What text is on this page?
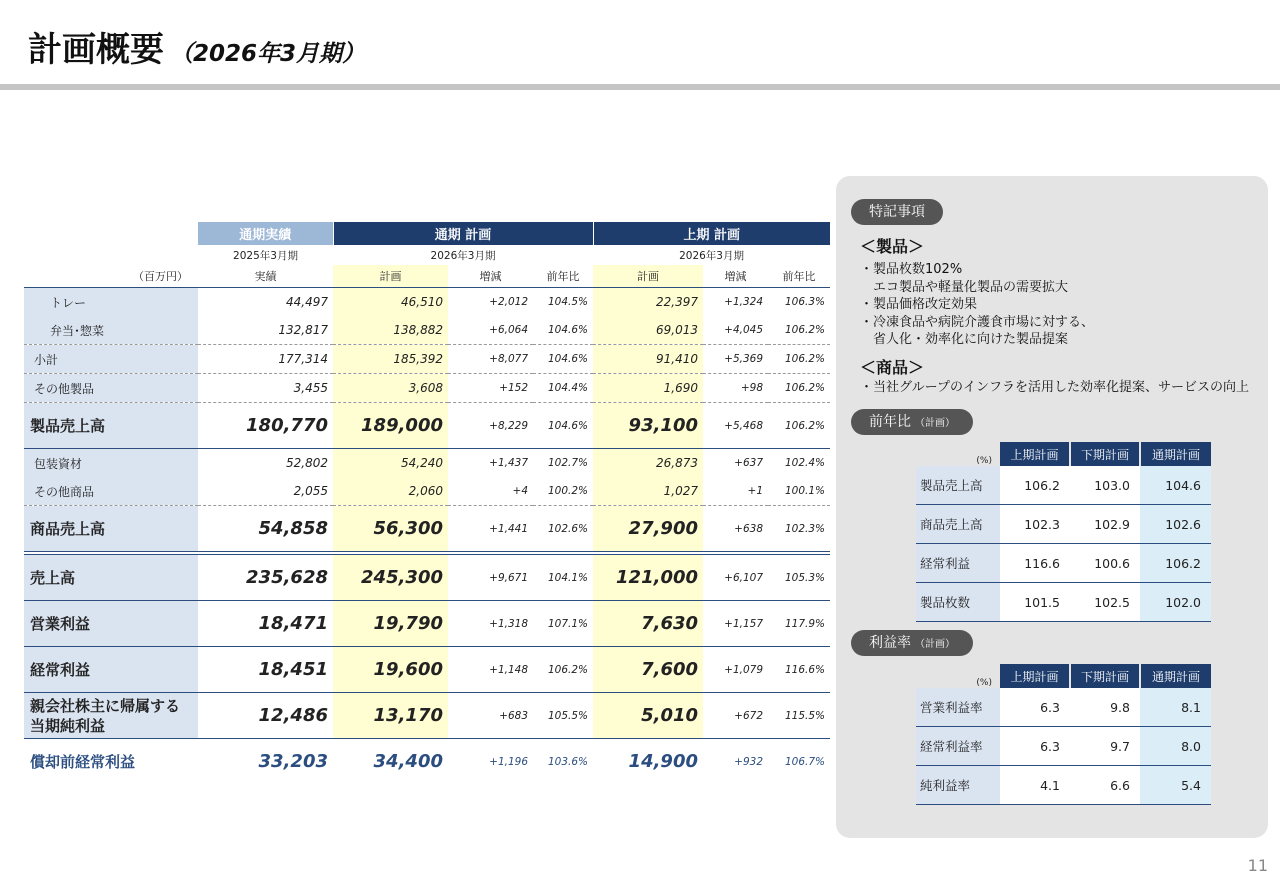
計画概要 （2026年3月期）
	通期実績	通期 計画			上期 計画		
	2025年3月期	2026年3月期			2026年3月期		
（百万円）	実績	計画	増減	前年比	計画	増減	前年比
トレー	44,497	46,510	+2,012	104.5%	22,397	+1,324	106.3%
弁当･惣菜	132,817	138,882	+6,064	104.6%	69,013	+4,045	106.2%
小計	177,314	185,392	+8,077	104.6%	91,410	+5,369	106.2%
その他製品	3,455	3,608	+152	104.4%	1,690	+98	106.2%
製品売上高	180,770	189,000	+8,229	104.6%	93,100	+5,468	106.2%
包装資材	52,802	54,240	+1,437	102.7%	26,873	+637	102.4%
その他商品	2,055	2,060	+4	100.2%	1,027	+1	100.1%
商品売上高	54,858	56,300	+1,441	102.6%	27,900	+638	102.3%
売上高	235,628	245,300	+9,671	104.1%	121,000	+6,107	105.3%
営業利益	18,471	19,790	+1,318	107.1%	7,630	+1,157	117.9%
経常利益	18,451	19,600	+1,148	106.2%	7,600	+1,079	116.6%

親会社株主に帰属する
当期純利益	12,486	13,170	+683	105.5%	5,010	+672	115.5%
償却前経常利益	33,203	34,400	+1,196	103.6%	14,900	+932	106.7%
特記事項
＜製品＞
・製品枚数102%
　エコ製品や軽量化製品の需要拡大
・製品価格改定効果
・冷凍食品や病院介護食市場に対する、
　省人化・効率化に向けた製品提案
＜商品＞
・当社グループのインフラを活用した効率化提案、サービスの向上
前年比 （計画）
(%)	上期計画	下期計画	通期計画
製品売上高	106.2	103.0	104.6
商品売上高	102.3	102.9	102.6
経常利益	116.6	100.6	106.2
製品枚数	101.5	102.5	102.0
利益率 （計画）
(%)	上期計画	下期計画	通期計画
営業利益率	6.3	9.8	8.1
経常利益率	6.3	9.7	8.0
純利益率	4.1	6.6	5.4
11
